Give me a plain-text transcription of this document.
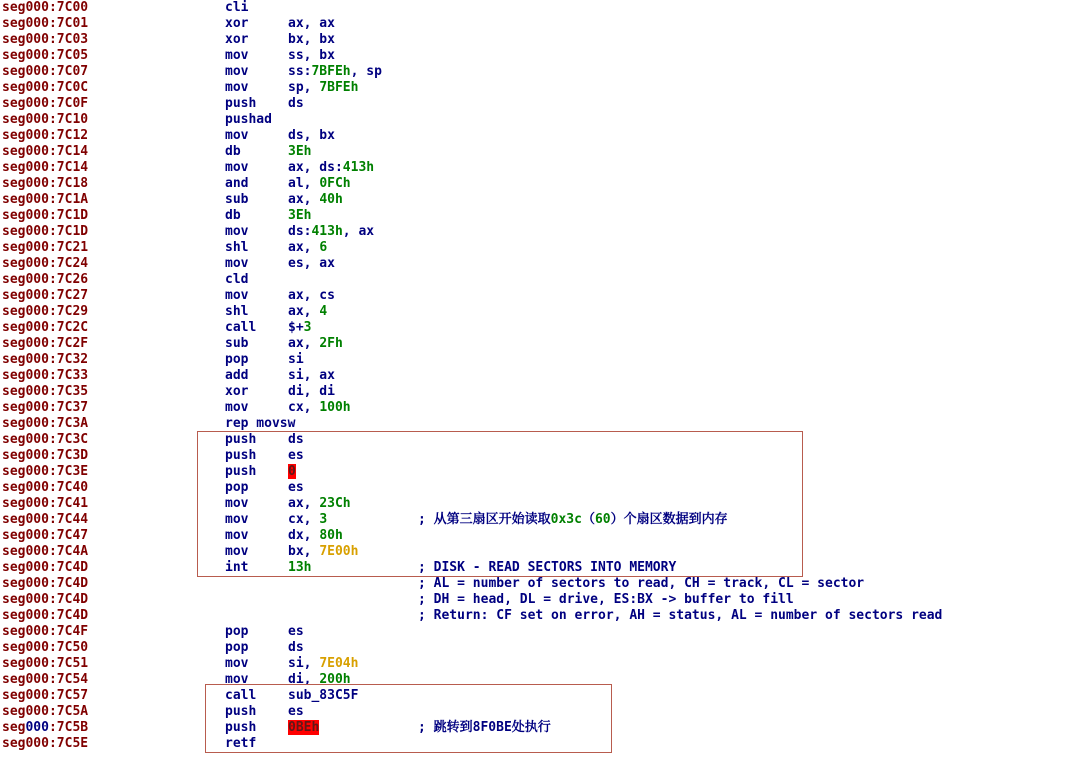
seg000:7C00	cli
seg000:7C01	xor	ax, ax
seg000:7C03	xor	bx, bx
seg000:7C05	mov	ss, bx
seg000:7C07	mov	ss:7BFEh, sp
seg000:7C0C	mov	sp, 7BFEh
seg000:7C0F	push ds
seg000:7C10	pushad
seg000:7C12	mov	ds, bx
seg000:7C14	db	3Eh
seg000:7C14	mov	ax, ds:413h
seg000:7C18	and	al, 0FCh
seg000:7C1A	sub	ax, 40h
seg000:7C1D	db	3Eh
seg000:7C1D	mov	ds:413h, ax
seg000:7C21	shl	ax, 6
seg000:7C24	mov	es, ax
seg000:7C26	cld
seg000:7C27	mov	ax, cs
seg000:7C29	shl	ax, 4
seg000:7C2C	call $+3
seg000:7C2F	sub	ax, 2Fh
seg000:7C32	pop	si
seg000:7C33	add	si, ax
seg000:7C35	xor	di, di
seg000:7C37	mov	cx, 100h
seg000:7C3A	rep movsw
seg000:7C3C	push ds
seg000:7C3D	push es
seg000:7C3E	push 0
seg000:7C40	pop	es
seg000:7C41	mov	ax, 23Ch
seg000:7C44	mov	cx, 3	; 从第三扇区开始读取0x3c（60）个扇区数据到内存
seg000:7C47	mov	dx, 80h
seg000:7C4A	mov	bx, 7E00h
seg000:7C4D	int	13h	; DISK - READ SECTORS INTO MEMORY
seg000:7C4D	; AL = number of sectors to read, CH = track, CL = sector
seg000:7C4D	; DH = head, DL = drive, ES:BX -> buffer to fill
seg000:7C4D	; Return: CF set on error, AH = status, AL = number of sectors read
seg000:7C4F	pop	es
seg000:7C50	pop	ds
seg000:7C51	mov	si, 7E04h
seg000:7C54	mov	di, 200h
seg000:7C57	call sub_83C5F
seg000:7C5A	push es
seg000:7C5B	push 0BEh	; 跳转到8F0BE处执行
seg000:7C5E	retf
